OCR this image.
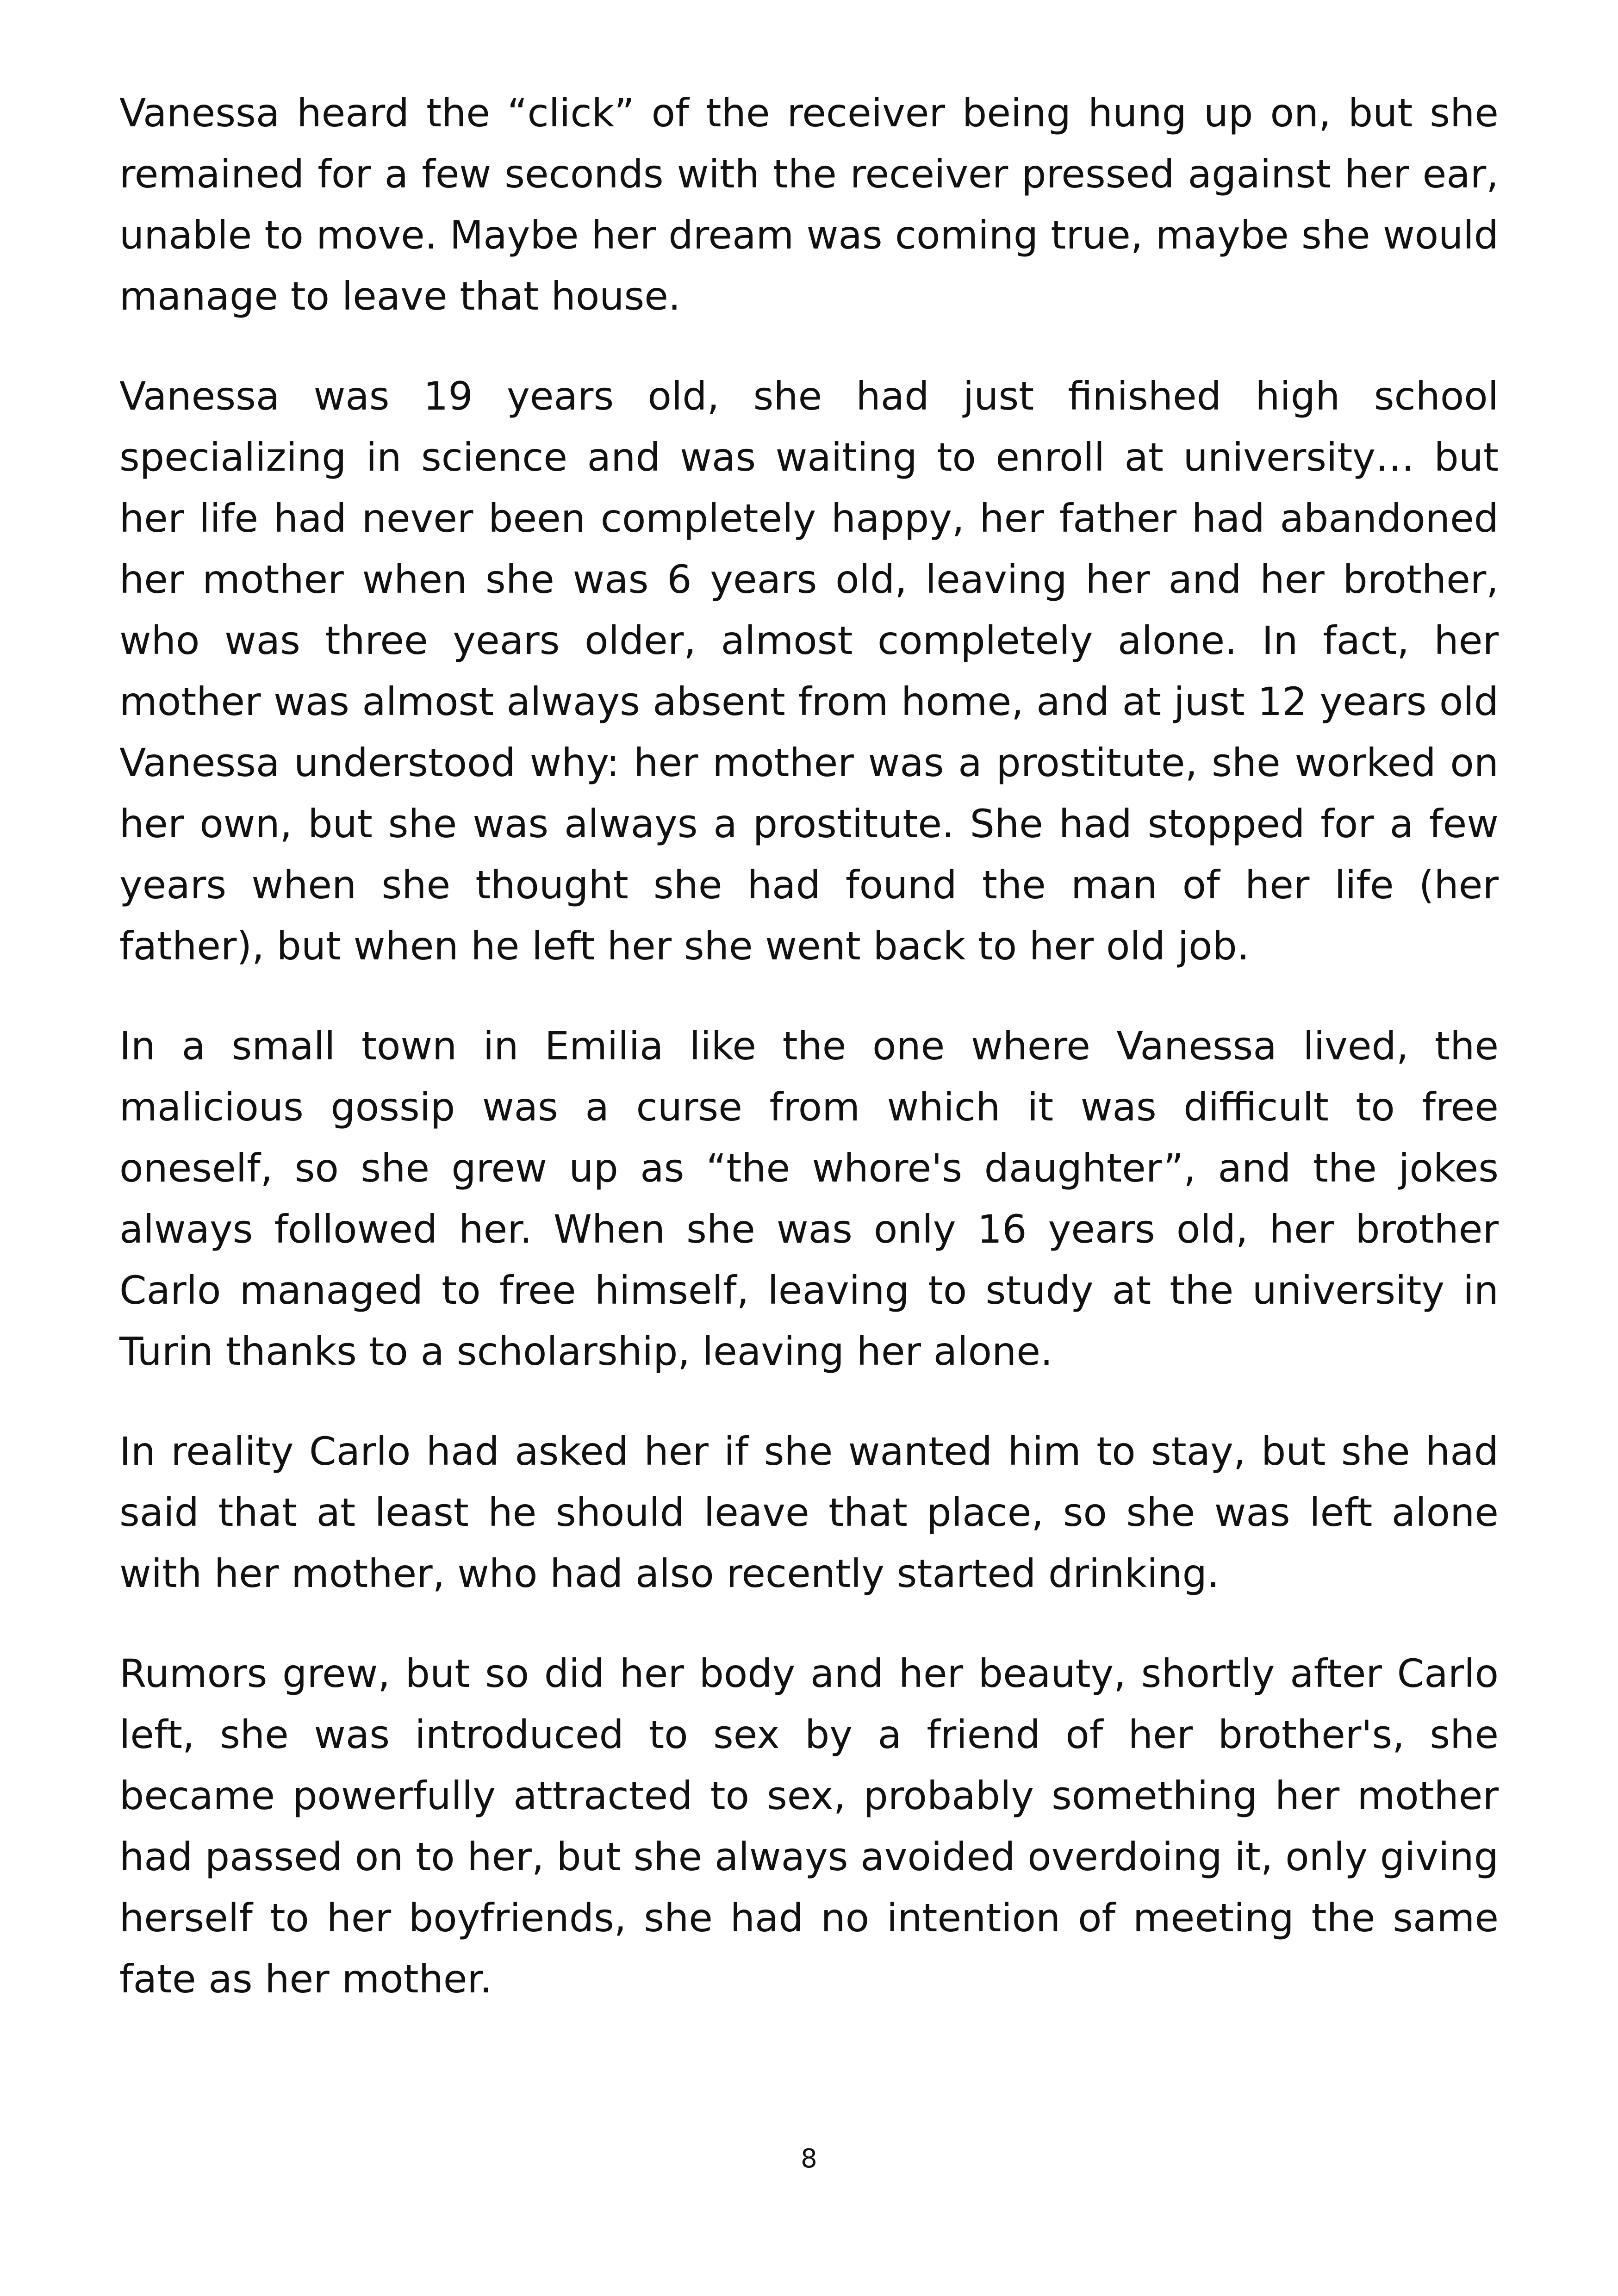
Vanessa heard the “click” of the receiver being hung up on, but she remained for a few seconds with the receiver pressed against her ear, unable to move. Maybe her dream was coming true, maybe she would manage to leave that house.

Vanessa was 19 years old, she had just finished high school specializing in science and was waiting to enroll at university… but her life had never been completely happy, her father had abandoned her mother when she was 6 years old, leaving her and her brother, who was three years older, almost completely alone. In fact, her mother was almost always absent from home, and at just 12 years old Vanessa understood why: her mother was a prostitute, she worked on her own, but she was always a prostitute. She had stopped for a few years when she thought she had found the man of her life (her father), but when he left her she went back to her old job.

In a small town in Emilia like the one where Vanessa lived, the malicious gossip was a curse from which it was difficult to free oneself, so she grew up as “the whore's daughter”, and the jokes always followed her. When she was only 16 years old, her brother Carlo managed to free himself, leaving to study at the university in Turin thanks to a scholarship, leaving her alone.

In reality Carlo had asked her if she wanted him to stay, but she had said that at least he should leave that place, so she was left alone with her mother, who had also recently started drinking.

Rumors grew, but so did her body and her beauty, shortly after Carlo left, she was introduced to sex by a friend of her brother's, she became powerfully attracted to sex, probably something her mother had passed on to her, but she always avoided overdoing it, only giving herself to her boyfriends, she had no intention of meeting the same fate as her mother.

8
